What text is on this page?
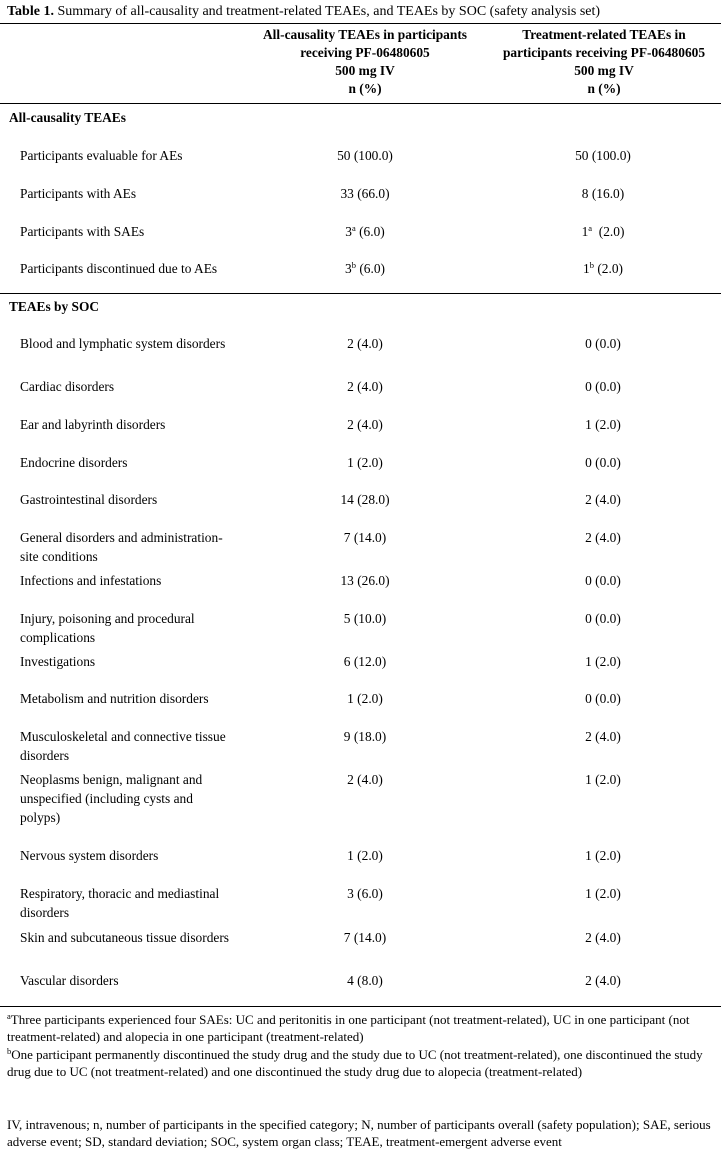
Table 1. Summary of all-causality and treatment-related TEAEs, and TEAEs by SOC (safety analysis set)
All-causality TEAEs in participants
receiving PF-06480605
500 mg IV
n (%)
Treatment-related TEAEs in
participants receiving PF-06480605
500 mg IV
n (%)
All-causality TEAEs
Participants evaluable for AEs	50 (100.0)	50 (100.0)
Participants with AEs	33 (66.0)	8 (16.0)
Participants with SAEs	3$^a$ (6.0)	1$^a$  (2.0)
Participants discontinued due to AEs	3$^b$ (6.0)	1$^b$ (2.0)
TEAEs by SOC
Blood and lymphatic system disorders	2 (4.0)	0 (0.0)
Cardiac disorders	2 (4.0)	0 (0.0)
Ear and labyrinth disorders	2 (4.0)	1 (2.0)
Endocrine disorders	1 (2.0)	0 (0.0)
Gastrointestinal disorders	14 (28.0)	2 (4.0)
General disorders and administration-site conditions
7 (14.0)	2 (4.0)
Infections and infestations	13 (26.0)	0 (0.0)
Injury, poisoning and procedural complications
5 (10.0)	0 (0.0)
Investigations	6 (12.0)	1 (2.0)
Metabolism and nutrition disorders	1 (2.0)	0 (0.0)
Musculoskeletal and connective tissue disorders
9 (18.0)	2 (4.0)
Neoplasms benign, malignant and unspecified (including cysts and polyps)
2 (4.0)	1 (2.0)
Nervous system disorders	1 (2.0)	1 (2.0)
Respiratory, thoracic and mediastinal disorders
3 (6.0)	1 (2.0)
Skin and subcutaneous tissue disorders	7 (14.0)	2 (4.0)
Vascular disorders	4 (8.0)	2 (4.0)
$^a$Three participants experienced four SAEs: UC and peritonitis in one participant (not treatment-related), UC in one participant (not treatment-related) and alopecia in one participant (treatment-related)
$^b$One participant permanently discontinued the study drug and the study due to UC (not treatment-related), one discontinued the study drug due to UC (not treatment-related) and one discontinued the study drug due to alopecia (treatment-related)
IV, intravenous; n, number of participants in the specified category; N, number of participants overall (safety population); SAE, serious adverse event; SD, standard deviation; SOC, system organ class; TEAE, treatment-emergent adverse event
